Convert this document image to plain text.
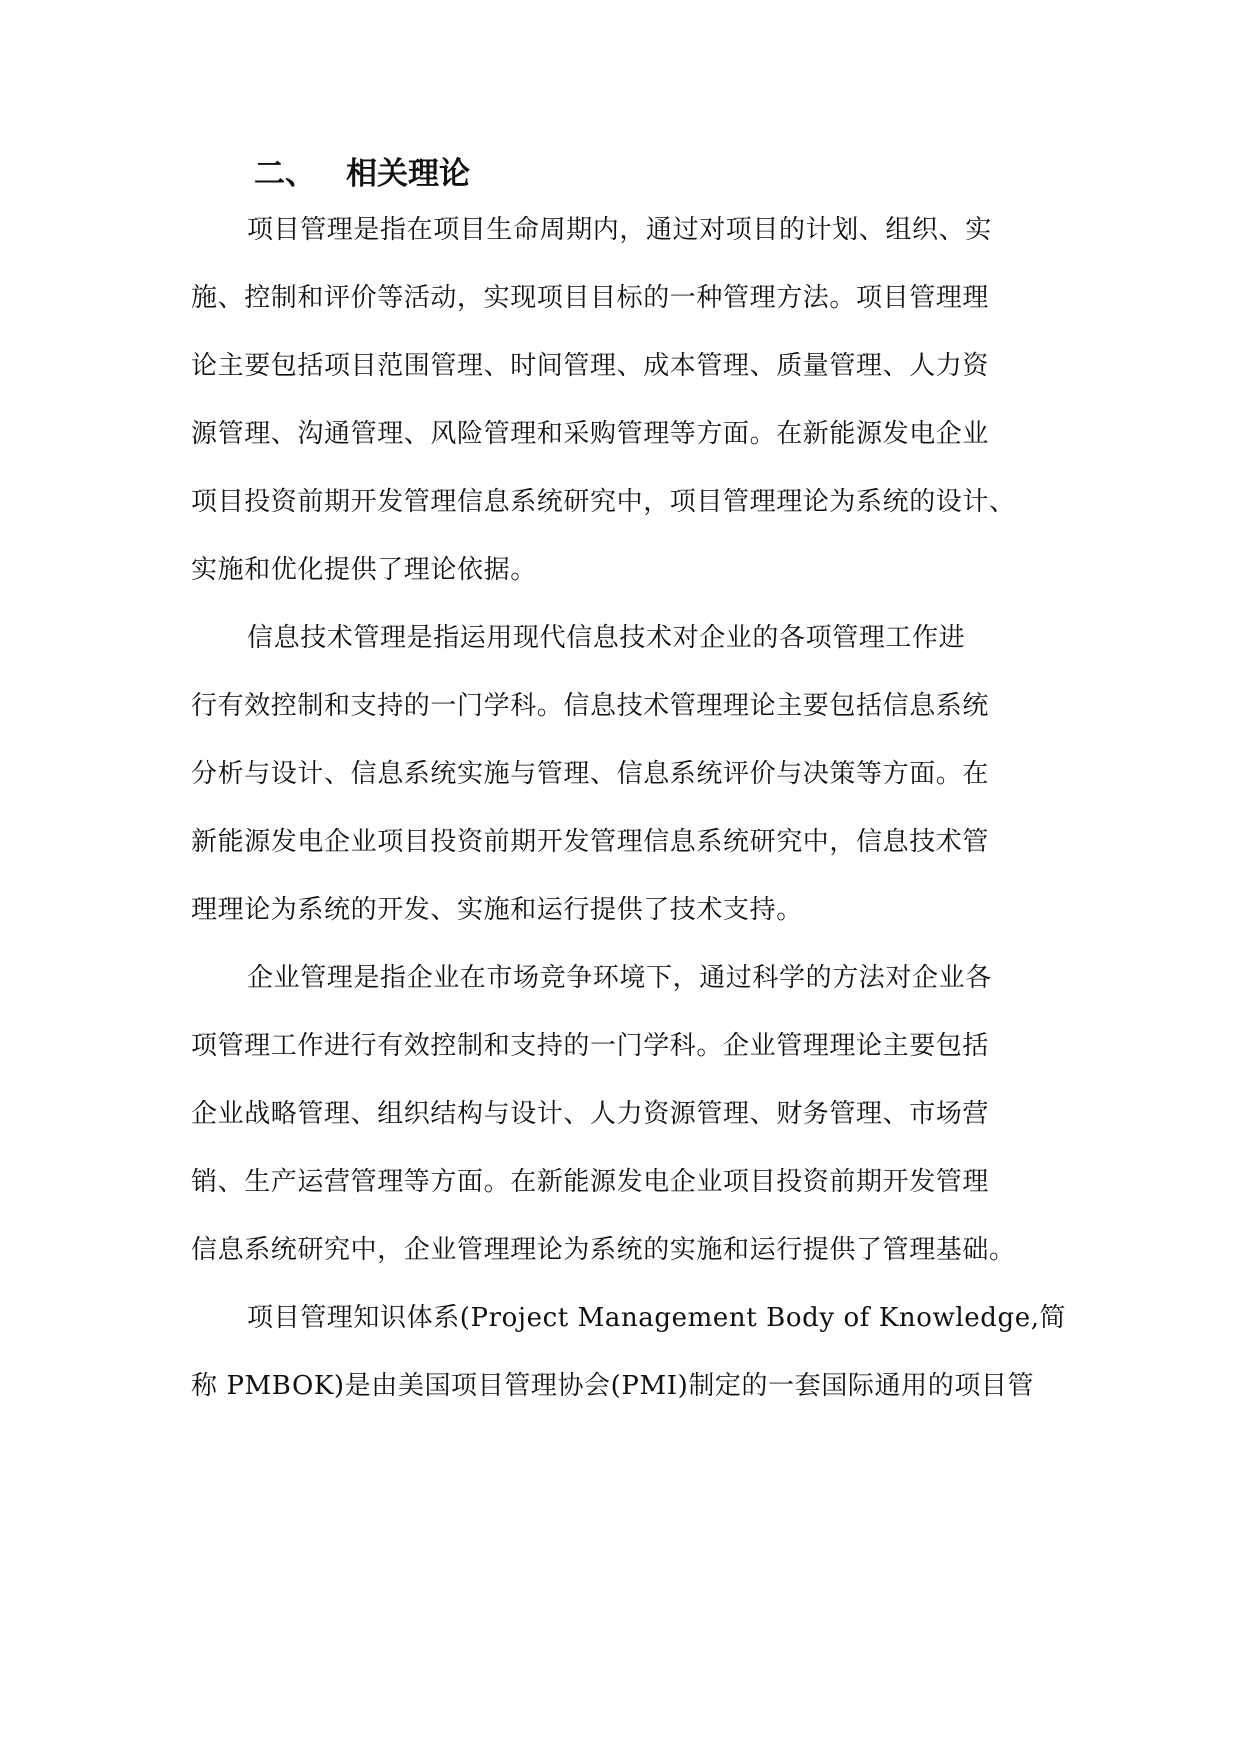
二、 相关理论
项目管理是指在项目生命周期内，通过对项目的计划、组织、实
施、控制和评价等活动，实现项目目标的一种管理方法。项目管理理
论主要包括项目范围管理、时间管理、成本管理、质量管理、人力资
源管理、沟通管理、风险管理和采购管理等方面。在新能源发电企业
项目投资前期开发管理信息系统研究中，项目管理理论为系统的设计、
实施和优化提供了理论依据。
信息技术管理是指运用现代信息技术对企业的各项管理工作进
行有效控制和支持的一门学科。信息技术管理理论主要包括信息系统
分析与设计、信息系统实施与管理、信息系统评价与决策等方面。在
新能源发电企业项目投资前期开发管理信息系统研究中，信息技术管
理理论为系统的开发、实施和运行提供了技术支持。
企业管理是指企业在市场竞争环境下，通过科学的方法对企业各
项管理工作进行有效控制和支持的一门学科。企业管理理论主要包括
企业战略管理、组织结构与设计、人力资源管理、财务管理、市场营
销、生产运营管理等方面。在新能源发电企业项目投资前期开发管理
信息系统研究中，企业管理理论为系统的实施和运行提供了管理基础。
项目管理知识体系(Project Management Body of Knowledge,简
称 PMBOK)是由美国项目管理协会(PMI)制定的一套国际通用的项目管
